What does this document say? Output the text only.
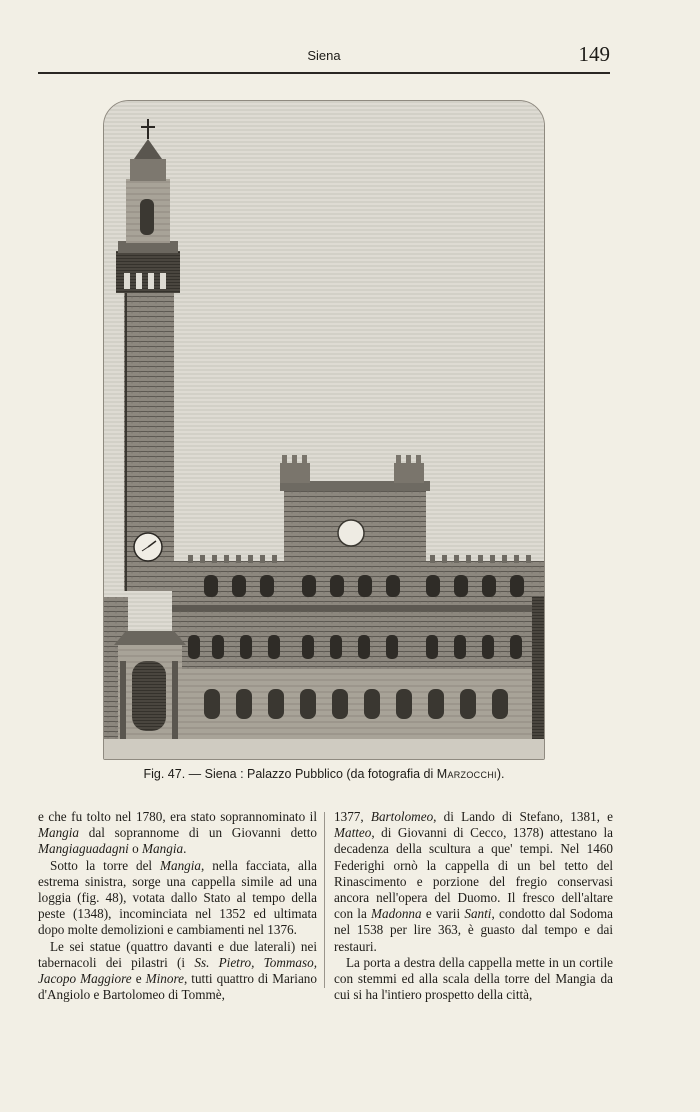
Siena	149
Fig. 47. — Siena : Palazzo Pubblico (da fotografia di Marzocchi).

e che fu tolto nel 1780, era stato soprannominato il Mangia dal soprannome di un Giovanni detto Mangiaguadagni o Mangia.

Sotto la torre del Mangia, nella facciata, alla estrema sinistra, sorge una cappella simile ad una loggia (fig. 48), votata dallo Stato al tempo della peste (1348), incominciata nel 1352 ed ultimata dopo molte demolizioni e cambiamenti nel 1376.

Le sei statue (quattro davanti e due laterali) nei tabernacoli dei pilastri (i Ss. Pietro, Tommaso, Jacopo Maggiore e Minore, tutti quattro di Mariano d'Angiolo e Bartolomeo di Tommè,

1377, Bartolomeo, di Lando di Stefano, 1381, e Matteo, di Giovanni di Cecco, 1378) attestano la decadenza della scultura a que' tempi. Nel 1460 Federighi ornò la cappella di un bel tetto del Rinascimento e porzione del fregio conservasi ancora nell'opera del Duomo. Il fresco dell'altare con la Madonna e varii Santi, condotto dal Sodoma nel 1538 per lire 363, è guasto dal tempo e dai restauri.

La porta a destra della cappella mette in un cortile con stemmi ed alla scala della torre del Mangia da cui si ha l'intiero prospetto della città,
